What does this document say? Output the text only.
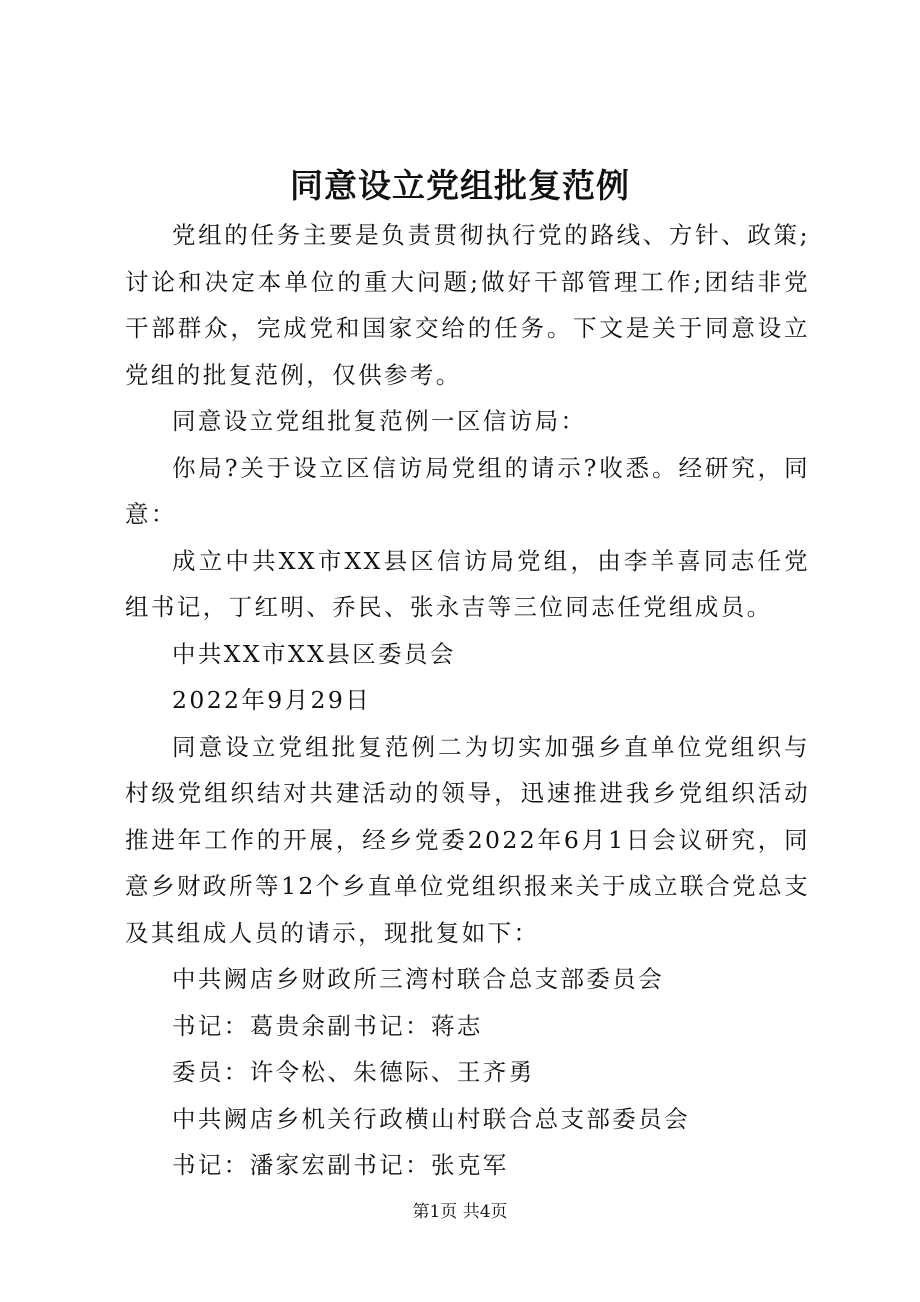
同意设立党组批复范例

党组的任务主要是负责贯彻执行党的路线、方针、政策;讨论和决定本单位的重大问题;做好干部管理工作;团结非党干部群众，完成党和国家交给的任务。下文是关于同意设立党组的批复范例，仅供参考。

同意设立党组批复范例一区信访局：

你局?关于设立区信访局党组的请示?收悉。经研究，同意：

成立中共XX市XX县区信访局党组，由李羊喜同志任党组书记，丁红明、乔民、张永吉等三位同志任党组成员。

中共XX市XX县区委员会

2022年9月29日

同意设立党组批复范例二为切实加强乡直单位党组织与村级党组织结对共建活动的领导，迅速推进我乡党组织活动推进年工作的开展，经乡党委2022年6月1日会议研究，同意乡财政所等12个乡直单位党组织报来关于成立联合党总支及其组成人员的请示，现批复如下：

中共阙店乡财政所三湾村联合总支部委员会

书记：葛贵余副书记：蒋志

委员：许令松、朱德际、王齐勇

中共阙店乡机关行政横山村联合总支部委员会

书记：潘家宏副书记：张克军

第1页 共4页
